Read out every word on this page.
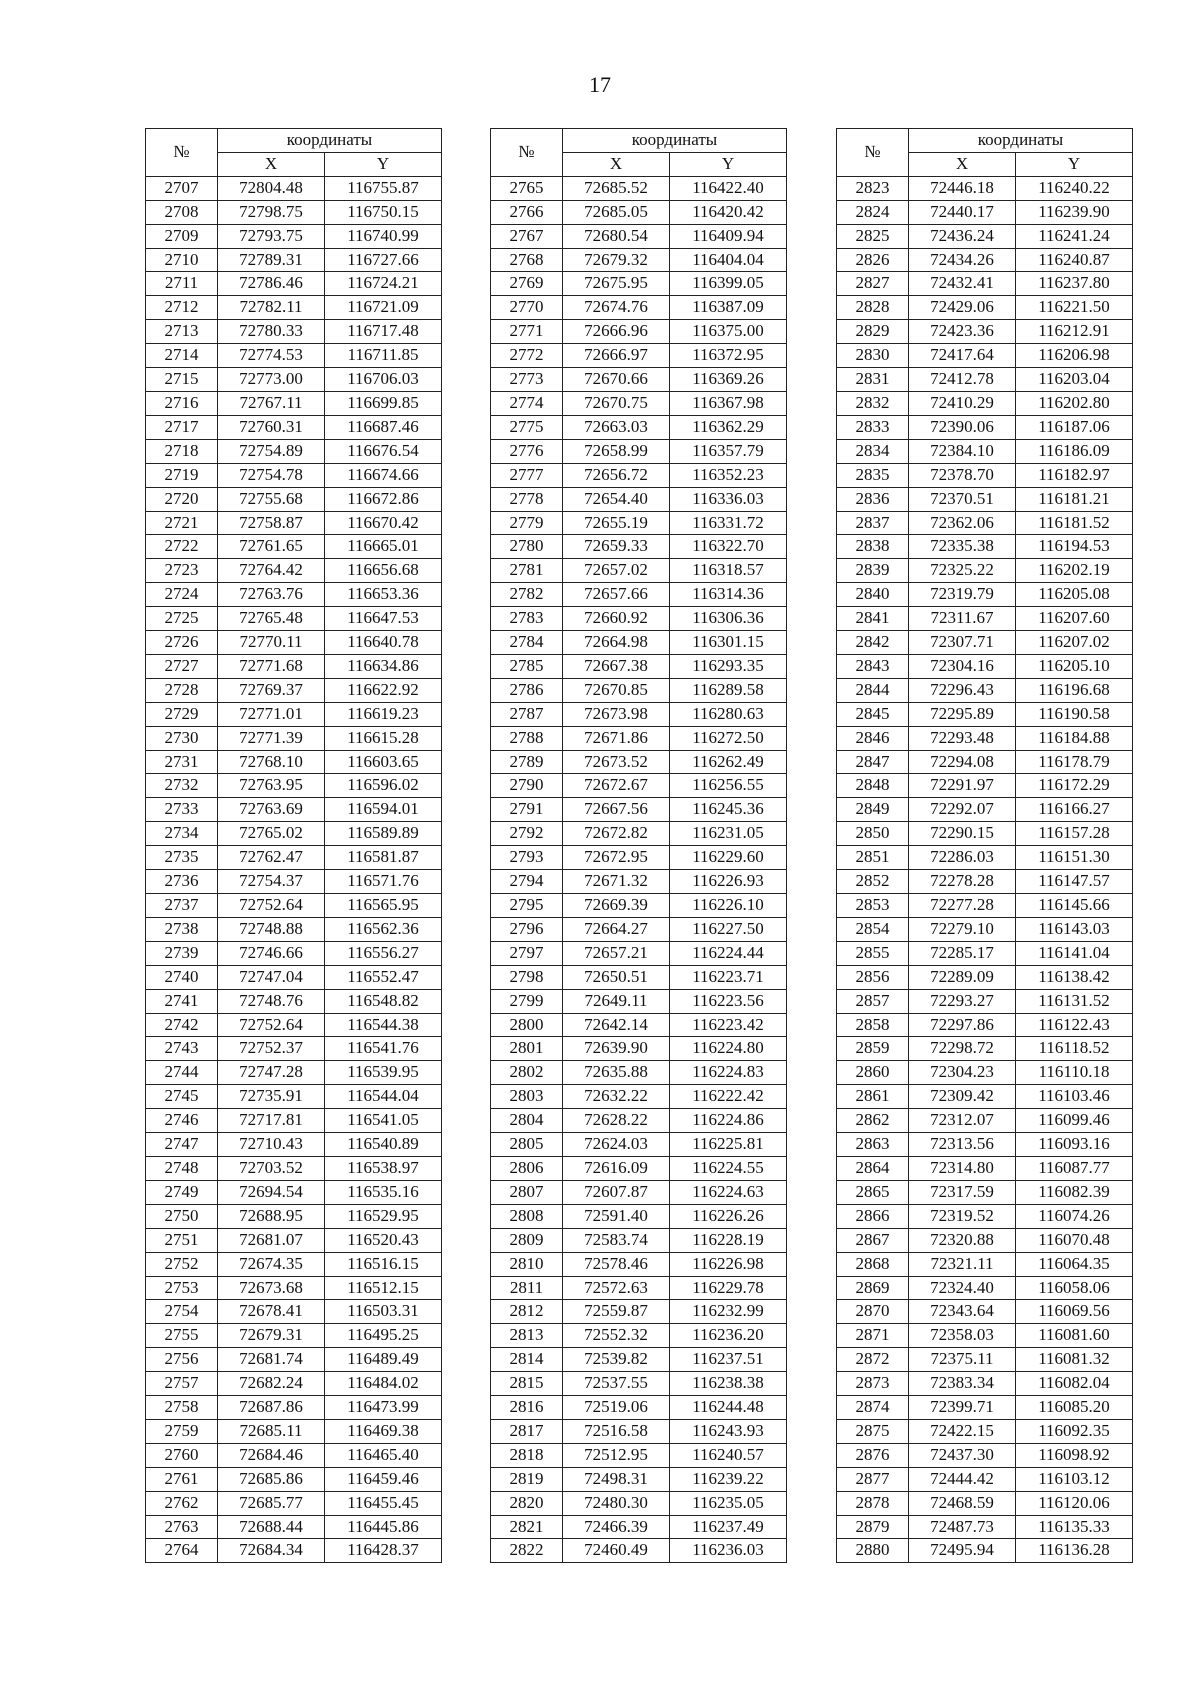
17
№	координаты	
	X	Y
2707	72804.48	116755.87
2708	72798.75	116750.15
2709	72793.75	116740.99
2710	72789.31	116727.66
2711	72786.46	116724.21
2712	72782.11	116721.09
2713	72780.33	116717.48
2714	72774.53	116711.85
2715	72773.00	116706.03
2716	72767.11	116699.85
2717	72760.31	116687.46
2718	72754.89	116676.54
2719	72754.78	116674.66
2720	72755.68	116672.86
2721	72758.87	116670.42
2722	72761.65	116665.01
2723	72764.42	116656.68
2724	72763.76	116653.36
2725	72765.48	116647.53
2726	72770.11	116640.78
2727	72771.68	116634.86
2728	72769.37	116622.92
2729	72771.01	116619.23
2730	72771.39	116615.28
2731	72768.10	116603.65
2732	72763.95	116596.02
2733	72763.69	116594.01
2734	72765.02	116589.89
2735	72762.47	116581.87
2736	72754.37	116571.76
2737	72752.64	116565.95
2738	72748.88	116562.36
2739	72746.66	116556.27
2740	72747.04	116552.47
2741	72748.76	116548.82
2742	72752.64	116544.38
2743	72752.37	116541.76
2744	72747.28	116539.95
2745	72735.91	116544.04
2746	72717.81	116541.05
2747	72710.43	116540.89
2748	72703.52	116538.97
2749	72694.54	116535.16
2750	72688.95	116529.95
2751	72681.07	116520.43
2752	72674.35	116516.15
2753	72673.68	116512.15
2754	72678.41	116503.31
2755	72679.31	116495.25
2756	72681.74	116489.49
2757	72682.24	116484.02
2758	72687.86	116473.99
2759	72685.11	116469.38
2760	72684.46	116465.40
2761	72685.86	116459.46
2762	72685.77	116455.45
2763	72688.44	116445.86
2764	72684.34	116428.37
№	координаты	
	X	Y
2765	72685.52	116422.40
2766	72685.05	116420.42
2767	72680.54	116409.94
2768	72679.32	116404.04
2769	72675.95	116399.05
2770	72674.76	116387.09
2771	72666.96	116375.00
2772	72666.97	116372.95
2773	72670.66	116369.26
2774	72670.75	116367.98
2775	72663.03	116362.29
2776	72658.99	116357.79
2777	72656.72	116352.23
2778	72654.40	116336.03
2779	72655.19	116331.72
2780	72659.33	116322.70
2781	72657.02	116318.57
2782	72657.66	116314.36
2783	72660.92	116306.36
2784	72664.98	116301.15
2785	72667.38	116293.35
2786	72670.85	116289.58
2787	72673.98	116280.63
2788	72671.86	116272.50
2789	72673.52	116262.49
2790	72672.67	116256.55
2791	72667.56	116245.36
2792	72672.82	116231.05
2793	72672.95	116229.60
2794	72671.32	116226.93
2795	72669.39	116226.10
2796	72664.27	116227.50
2797	72657.21	116224.44
2798	72650.51	116223.71
2799	72649.11	116223.56
2800	72642.14	116223.42
2801	72639.90	116224.80
2802	72635.88	116224.83
2803	72632.22	116222.42
2804	72628.22	116224.86
2805	72624.03	116225.81
2806	72616.09	116224.55
2807	72607.87	116224.63
2808	72591.40	116226.26
2809	72583.74	116228.19
2810	72578.46	116226.98
2811	72572.63	116229.78
2812	72559.87	116232.99
2813	72552.32	116236.20
2814	72539.82	116237.51
2815	72537.55	116238.38
2816	72519.06	116244.48
2817	72516.58	116243.93
2818	72512.95	116240.57
2819	72498.31	116239.22
2820	72480.30	116235.05
2821	72466.39	116237.49
2822	72460.49	116236.03
№	координаты	
	X	Y
2823	72446.18	116240.22
2824	72440.17	116239.90
2825	72436.24	116241.24
2826	72434.26	116240.87
2827	72432.41	116237.80
2828	72429.06	116221.50
2829	72423.36	116212.91
2830	72417.64	116206.98
2831	72412.78	116203.04
2832	72410.29	116202.80
2833	72390.06	116187.06
2834	72384.10	116186.09
2835	72378.70	116182.97
2836	72370.51	116181.21
2837	72362.06	116181.52
2838	72335.38	116194.53
2839	72325.22	116202.19
2840	72319.79	116205.08
2841	72311.67	116207.60
2842	72307.71	116207.02
2843	72304.16	116205.10
2844	72296.43	116196.68
2845	72295.89	116190.58
2846	72293.48	116184.88
2847	72294.08	116178.79
2848	72291.97	116172.29
2849	72292.07	116166.27
2850	72290.15	116157.28
2851	72286.03	116151.30
2852	72278.28	116147.57
2853	72277.28	116145.66
2854	72279.10	116143.03
2855	72285.17	116141.04
2856	72289.09	116138.42
2857	72293.27	116131.52
2858	72297.86	116122.43
2859	72298.72	116118.52
2860	72304.23	116110.18
2861	72309.42	116103.46
2862	72312.07	116099.46
2863	72313.56	116093.16
2864	72314.80	116087.77
2865	72317.59	116082.39
2866	72319.52	116074.26
2867	72320.88	116070.48
2868	72321.11	116064.35
2869	72324.40	116058.06
2870	72343.64	116069.56
2871	72358.03	116081.60
2872	72375.11	116081.32
2873	72383.34	116082.04
2874	72399.71	116085.20
2875	72422.15	116092.35
2876	72437.30	116098.92
2877	72444.42	116103.12
2878	72468.59	116120.06
2879	72487.73	116135.33
2880	72495.94	116136.28
